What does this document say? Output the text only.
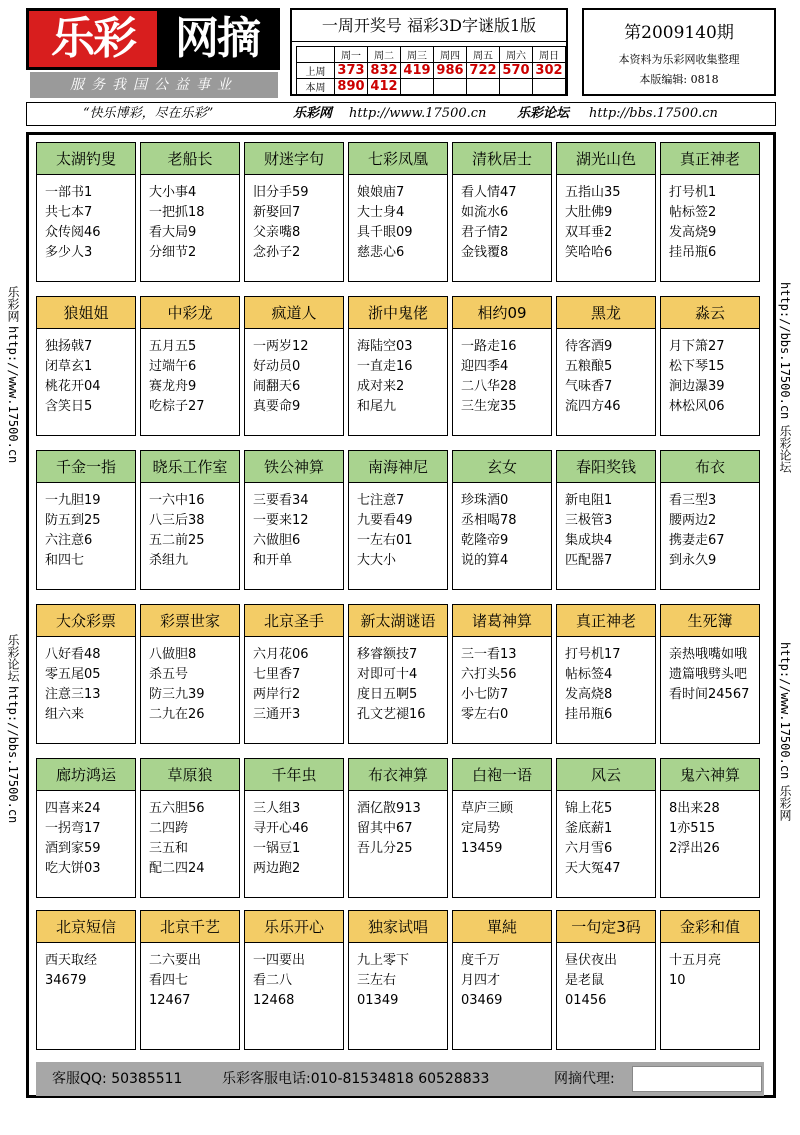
乐彩 网摘
服务我国公益事业
一周开奖号 福彩3D字谜版1版
	周一	周二	周三	周四	周五	周六	周日
上周	373	832	419	986	722	570	302
本周	890	412					
第2009140期
本资料为乐彩网收集整理
本版编辑: 0818
“快乐博彩，尽在乐彩”	乐彩网 http://www.17500.cn 乐彩论坛 http://bbs.17500.cn
乐彩网
http://www.17500.cn
乐彩论坛
http://bbs.17500.cn
http://bbs.17500.cn
乐彩论坛
http://www.17500.cn
乐彩网
太湖钓叟
一部书1
共七本7
众传阅46
多少人3
老船长
大小事4
一把抓18
看大局9
分细节2
财迷字句
旧分手59
新娶回7
父亲嘴8
念孙子2
七彩凤凰
娘娘庙7
大士身4
具千眼09
慈悲心6
清秋居士
看人情47
如流水6
君子情2
金钱覆8
湖光山色
五指山35
大肚佛9
双耳垂2
笑哈哈6
真正神老
打号机1
帖标签2
发高烧9
挂吊瓶6
狼姐姐
独扬戟7
闭草玄1
桃花开04
含笑日5
中彩龙
五月五5
过端午6
赛龙舟9
吃棕子27
疯道人
一两岁12
好动员0
闹翻天6
真要命9
浙中鬼佬
海陆空03
一直走16
成对来2
和尾九
相约09
一路走16
迎四季4
二八华28
三生宠35
黑龙
待客酒9
五粮酿5
气味香7
流四方46
淼云
月下箫27
松下琴15
涧边瀑39
林松风06
千金一指
一九胆19
防五到25
六注意6
和四七
晓乐工作室
一六中16
八三后38
五二前25
杀组九
铁公神算
三要看34
一要来12
六做胆6
和开单
南海神尼
七注意7
九要看49
一左右01
大大小
玄女
珍珠酒0
丞相喝78
乾隆帝9
说的算4
春阳奖钱
新电阻1
三极管3
集成块4
匹配器7
布衣
看三型3
腰两边2
携妻走67
到永久9
大众彩票
八好看48
零五尾05
注意三13
组六来
彩票世家
八做胆8
杀五号
防三九39
二九在26
北京圣手
六月花06
七里香7
两岸行2
三通开3
新太湖谜语
移睿额技7
对即可十4
度日五啊5
孔文艺褪16
诸葛神算
三一看13
六打头56
小七防7
零左右0
真正神老
打号机17
帖标签4
发高烧8
挂吊瓶6
生死簿
亲热哦嘴如哦
遗篇哦劈头吧
看时间24567
廊坊鸿运
四喜来24
一拐弯17
酒到家59
吃大饼03
草原狼
五六胆56
二四跨
三五和
配二四24
千年虫
三人组3
寻开心46
一锅豆1
两边跑2
布衣神算
酒亿散913
留其中67
吾儿分25
白袍一语
草庐三顾
定局势
13459
风云
锦上花5
釜底薪1
六月雪6
天大冤47
鬼六神算
8出来28
1亦515
2浮出26
北京短信
西天取经
34679
北京千艺
二六要出
看四七
12467
乐乐开心
一四要出
看二八
12468
独家试唱
九上零下
三左右
01349
單純
度千万
月四才
03469
一句定3码
昼伏夜出
是老鼠
01456
金彩和值
十五月亮
10
客服QQ: 50385511	乐彩客服电话:010-81534818 60528833	网摘代理:
